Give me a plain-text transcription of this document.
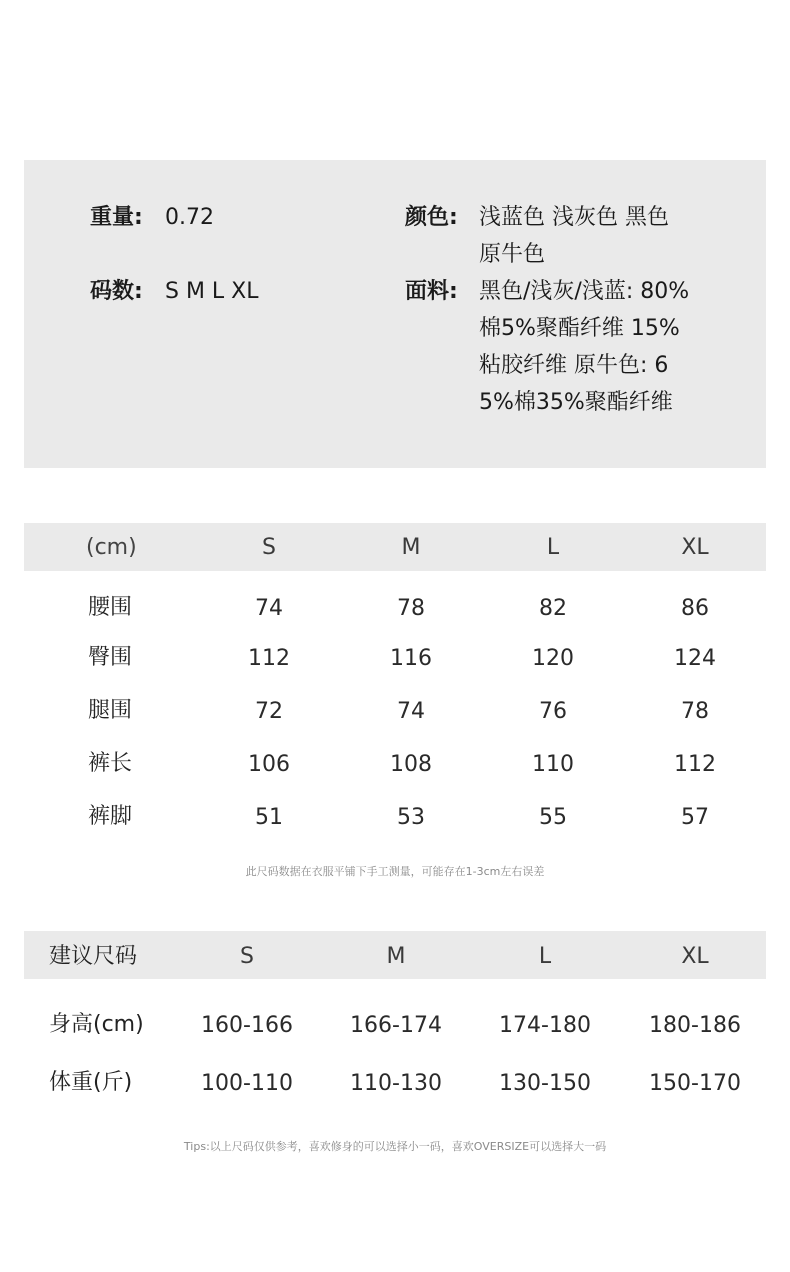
重量: 0.72
码数: S M L XL
颜色: 浅蓝色 浅灰色 黑色 原牛色
面料: 黑色/浅灰/浅蓝: 80%棉5%聚酯纤维 15%粘胶纤维 原牛色: 65%棉35%聚酯纤维
(cm)	S	M	L	XL
腰围	74	78	82	86
臀围	112	116	120	124
腿围	72	74	76	78
裤长	106	108	110	112
裤脚	51	53	55	57
此尺码数据在衣服平铺下手工测量，可能存在1-3cm左右误差
建议尺码	S	M	L	XL
身高(cm)	160-166	166-174	174-180	180-186
体重(斤)	100-110	110-130	130-150	150-170
Tips:以上尺码仅供参考，喜欢修身的可以选择小一码，喜欢OVERSIZE可以选择大一码
